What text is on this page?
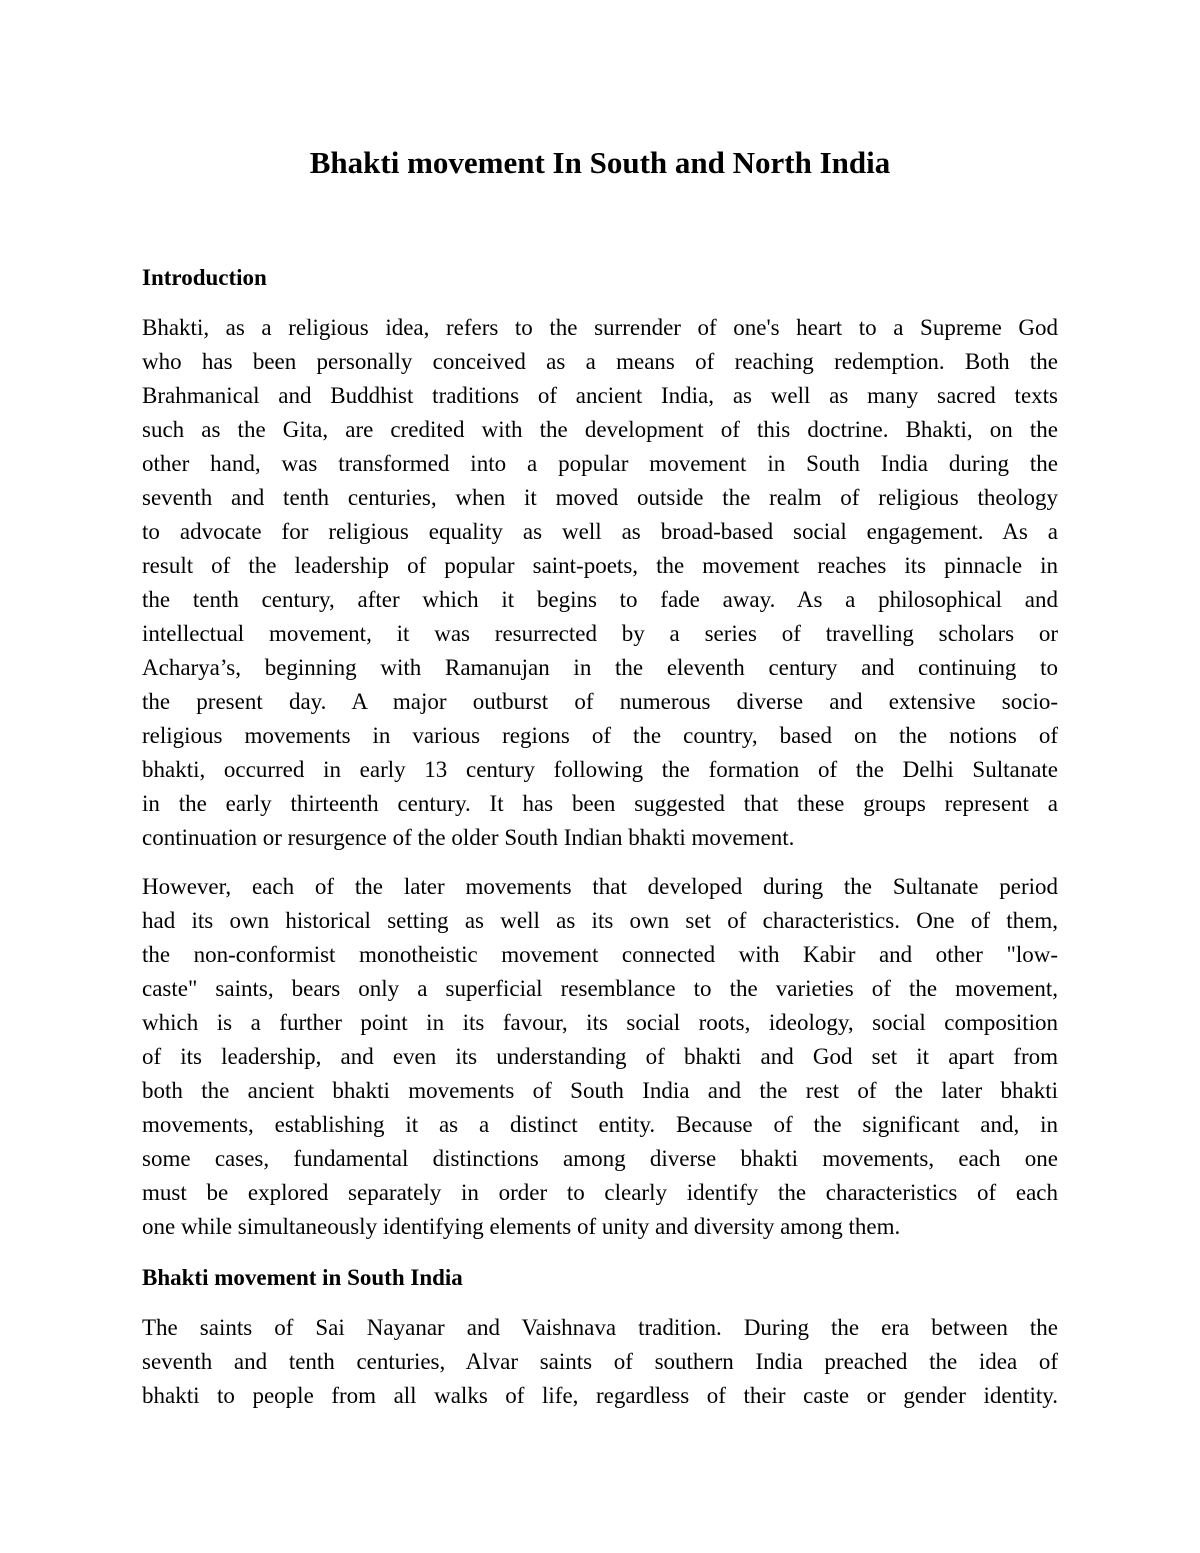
Bhakti movement In South and North India
Introduction
Bhakti, as a religious idea, refers to the surrender of one's heart to a Supreme God
who has been personally conceived as a means of reaching redemption. Both the
Brahmanical and Buddhist traditions of ancient India, as well as many sacred texts
such as the Gita, are credited with the development of this doctrine. Bhakti, on the
other hand, was transformed into a popular movement in South India during the
seventh and tenth centuries, when it moved outside the realm of religious theology
to advocate for religious equality as well as broad-based social engagement. As a
result of the leadership of popular saint-poets, the movement reaches its pinnacle in
the tenth century, after which it begins to fade away. As a philosophical and
intellectual movement, it was resurrected by a series of travelling scholars or
Acharya’s, beginning with Ramanujan in the eleventh century and continuing to
the present day. A major outburst of numerous diverse and extensive socio-
religious movements in various regions of the country, based on the notions of
bhakti, occurred in early 13 century following the formation of the Delhi Sultanate
in the early thirteenth century. It has been suggested that these groups represent a
continuation or resurgence of the older South Indian bhakti movement.
However, each of the later movements that developed during the Sultanate period
had its own historical setting as well as its own set of characteristics. One of them,
the non-conformist monotheistic movement connected with Kabir and other "low-
caste" saints, bears only a superficial resemblance to the varieties of the movement,
which is a further point in its favour, its social roots, ideology, social composition
of its leadership, and even its understanding of bhakti and God set it apart from
both the ancient bhakti movements of South India and the rest of the later bhakti
movements, establishing it as a distinct entity. Because of the significant and, in
some cases, fundamental distinctions among diverse bhakti movements, each one
must be explored separately in order to clearly identify the characteristics of each
one while simultaneously identifying elements of unity and diversity among them.
Bhakti movement in South India
The saints of Sai Nayanar and Vaishnava tradition. During the era between the
seventh and tenth centuries, Alvar saints of southern India preached the idea of
bhakti to people from all walks of life, regardless of their caste or gender identity.
